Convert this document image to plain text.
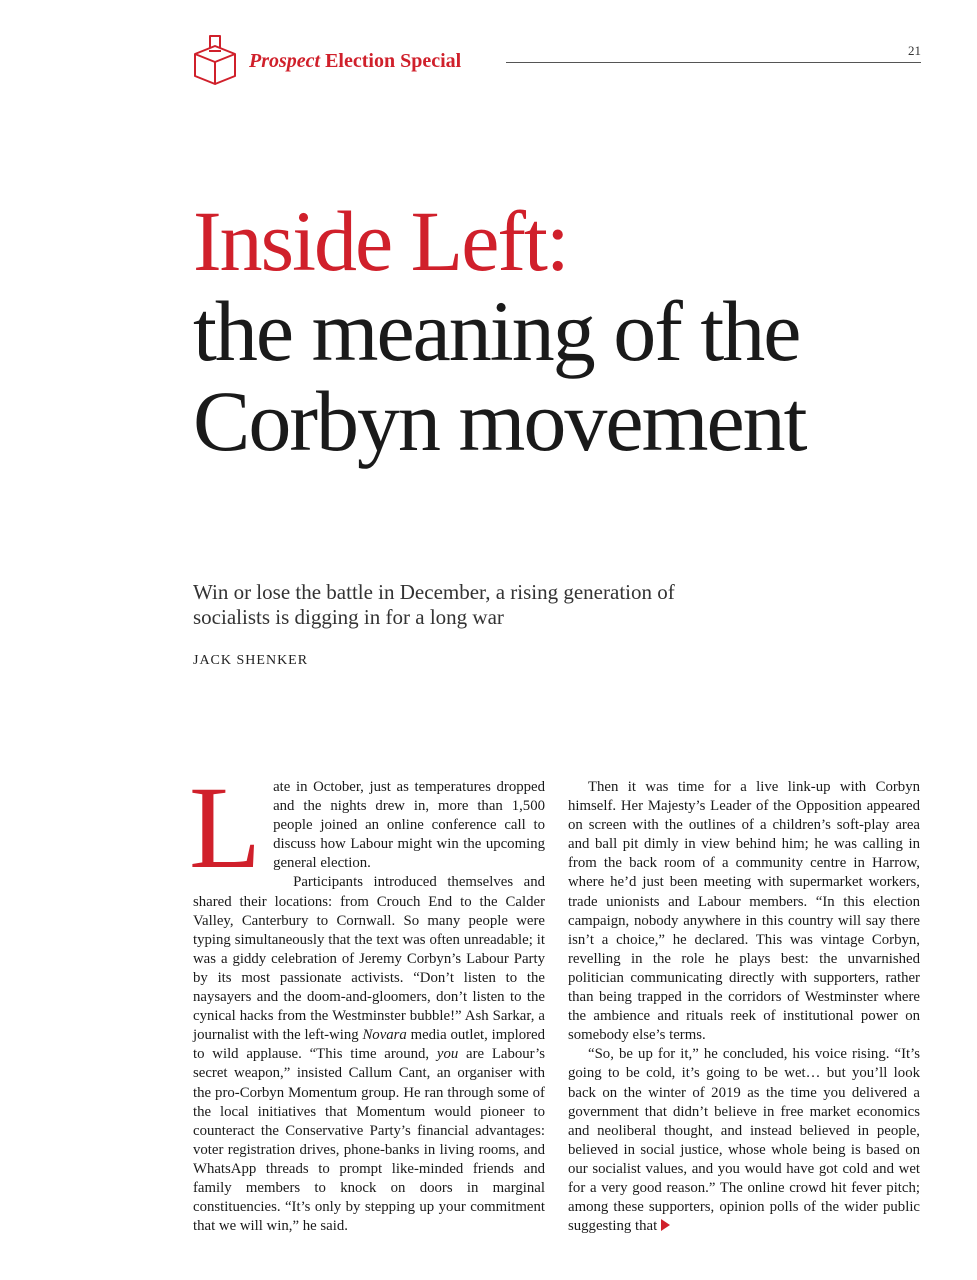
Prospect Election Special	21
Inside Left:
the meaning of the Corbyn movement

Win or lose the battle in December, a rising generation of socialists is digging in for a long war

JACK SHENKER

Late in October, just as temperatures dropped and the nights drew in, more than 1,500 people joined an online conference call to discuss how Labour might win the upcoming general election.

Participants introduced themselves and shared their locations: from Crouch End to the Calder Valley, Canterbury to Cornwall. So many people were typing simultaneously that the text was often unreadable; it was a giddy celebration of Jeremy Corbyn’s Labour Party by its most passionate activists. “Don’t listen to the naysayers and the doom-and-gloomers, don’t listen to the cynical hacks from the Westminster bubble!” Ash Sarkar, a journalist with the left-wing Novara media outlet, implored to wild applause. “This time around, you are Labour’s secret weapon,” insisted Callum Cant, an organiser with the pro-Corbyn Momentum group. He ran through some of the local initiatives that Momentum would pioneer to counteract the Conservative Party’s financial advantages: voter registration drives, phone-banks in living rooms, and WhatsApp threads to prompt like-minded friends and family members to knock on doors in marginal constituencies. “It’s only by stepping up your commitment that we will win,” he said.

Then it was time for a live link-up with Corbyn himself. Her Majesty’s Leader of the Opposition appeared on screen with the outlines of a children’s soft-play area and ball pit dimly in view behind him; he was calling in from the back room of a community centre in Harrow, where he’d just been meeting with supermarket workers, trade unionists and Labour members. “In this election campaign, nobody anywhere in this country will say there isn’t a choice,” he declared. This was vintage Corbyn, revelling in the role he plays best: the unvarnished politician communicating directly with supporters, rather than being trapped in the corridors of Westminster where the ambience and rituals reek of institutional power on somebody else’s terms.

“So, be up for it,” he concluded, his voice rising. “It’s going to be cold, it’s going to be wet… but you’ll look back on the winter of 2019 as the time you delivered a government that didn’t believe in free market economics and neoliberal thought, and instead believed in people, believed in social justice, whose whole being is based on our socialist values, and you would have got cold and wet for a very good reason.” The online crowd hit fever pitch; among these supporters, opinion polls of the wider public suggesting that
